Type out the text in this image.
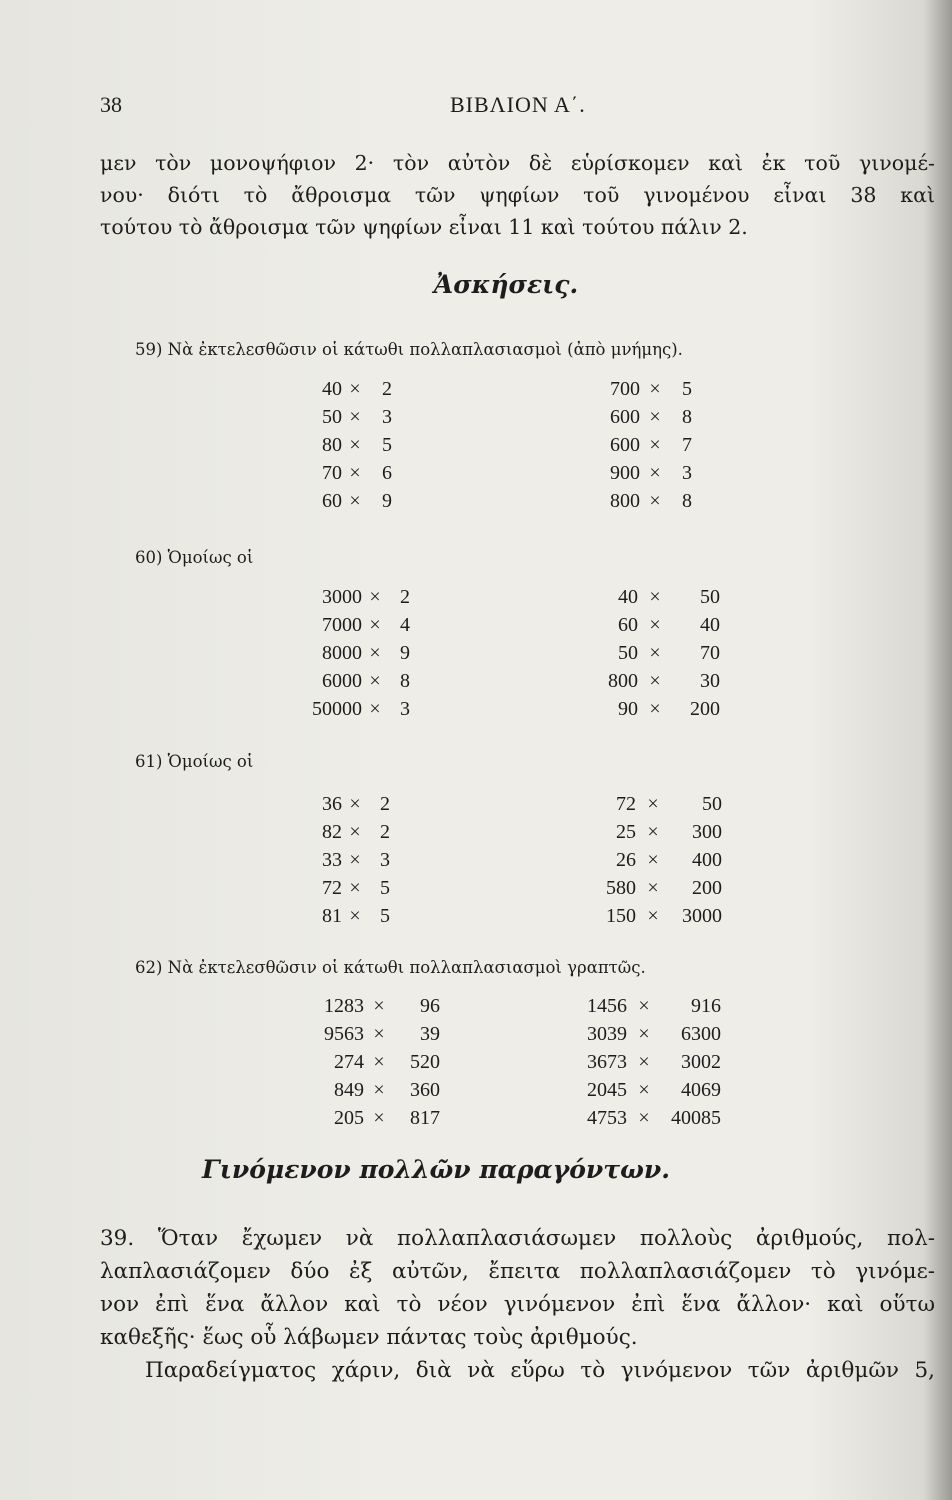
38	ΒΙΒΛΙΟΝ Α΄.
μεν τὸν μονοψήφιον 2· τὸν αὐτὸν δὲ εὑρίσκομεν καὶ ἐκ τοῦ γινομέ-
νου· διότι τὸ ἄθροισμα τῶν ψηφίων τοῦ γινομένου εἶναι 38 καὶ
τούτου τὸ ἄθροισμα τῶν ψηφίων εἶναι 11 καὶ τούτου πάλιν 2.
Ἀσκήσεις.
59) Νὰ ἐκτελεσθῶσιν οἱ κάτωθι πολλαπλασιασμοὶ (ἀπὸ μνήμης).
40 ×	2
50 ×	3
80 ×	5
70 ×	6
60 ×	9
700 ×	5
600 ×	8
600 ×	7
900 ×	3
800 ×	8
60) Ὁμοίως οἱ
3000 × 2
7000 × 4
8000 × 9
6000 × 8
50000 × 3
40 ×	50
60 ×	40
50 ×	70
800 ×	30
90 ×	200
61) Ὁμοίως οἱ
36 × 2
82 × 2
33 × 3
72 × 5
81 × 5
72 ×	50
25 ×	300
26 ×	400
580 ×	200
150 ×	3000
62) Νὰ ἐκτελεσθῶσιν οἱ κάτωθι πολλαπλασιασμοὶ γραπτῶς.
1283 ×	96
9563 ×	39
274 ×	520
849 ×	360
205 ×	817
1456 ×	916
3039 ×	6300
3673 ×	3002
2045 ×	4069
4753 ×	40085
Γινόμενον πολλῶν παραγόντων.
39. Ὅταν ἔχωμεν νὰ πολλαπλασιάσωμεν πολλοὺς ἀριθμούς, πολ-
λαπλασιάζομεν δύο ἐξ αὐτῶν, ἔπειτα πολλαπλασιάζομεν τὸ γινόμε-
νον ἐπὶ ἕνα ἄλλον καὶ τὸ νέον γινόμενον ἐπὶ ἕνα ἄλλον· καὶ οὕτω
καθεξῆς· ἕως οὗ λάβωμεν πάντας τοὺς ἀριθμούς.
Παραδείγματος χάριν, διὰ νὰ εὕρω τὸ γινόμενον τῶν ἀριθμῶν 5,
